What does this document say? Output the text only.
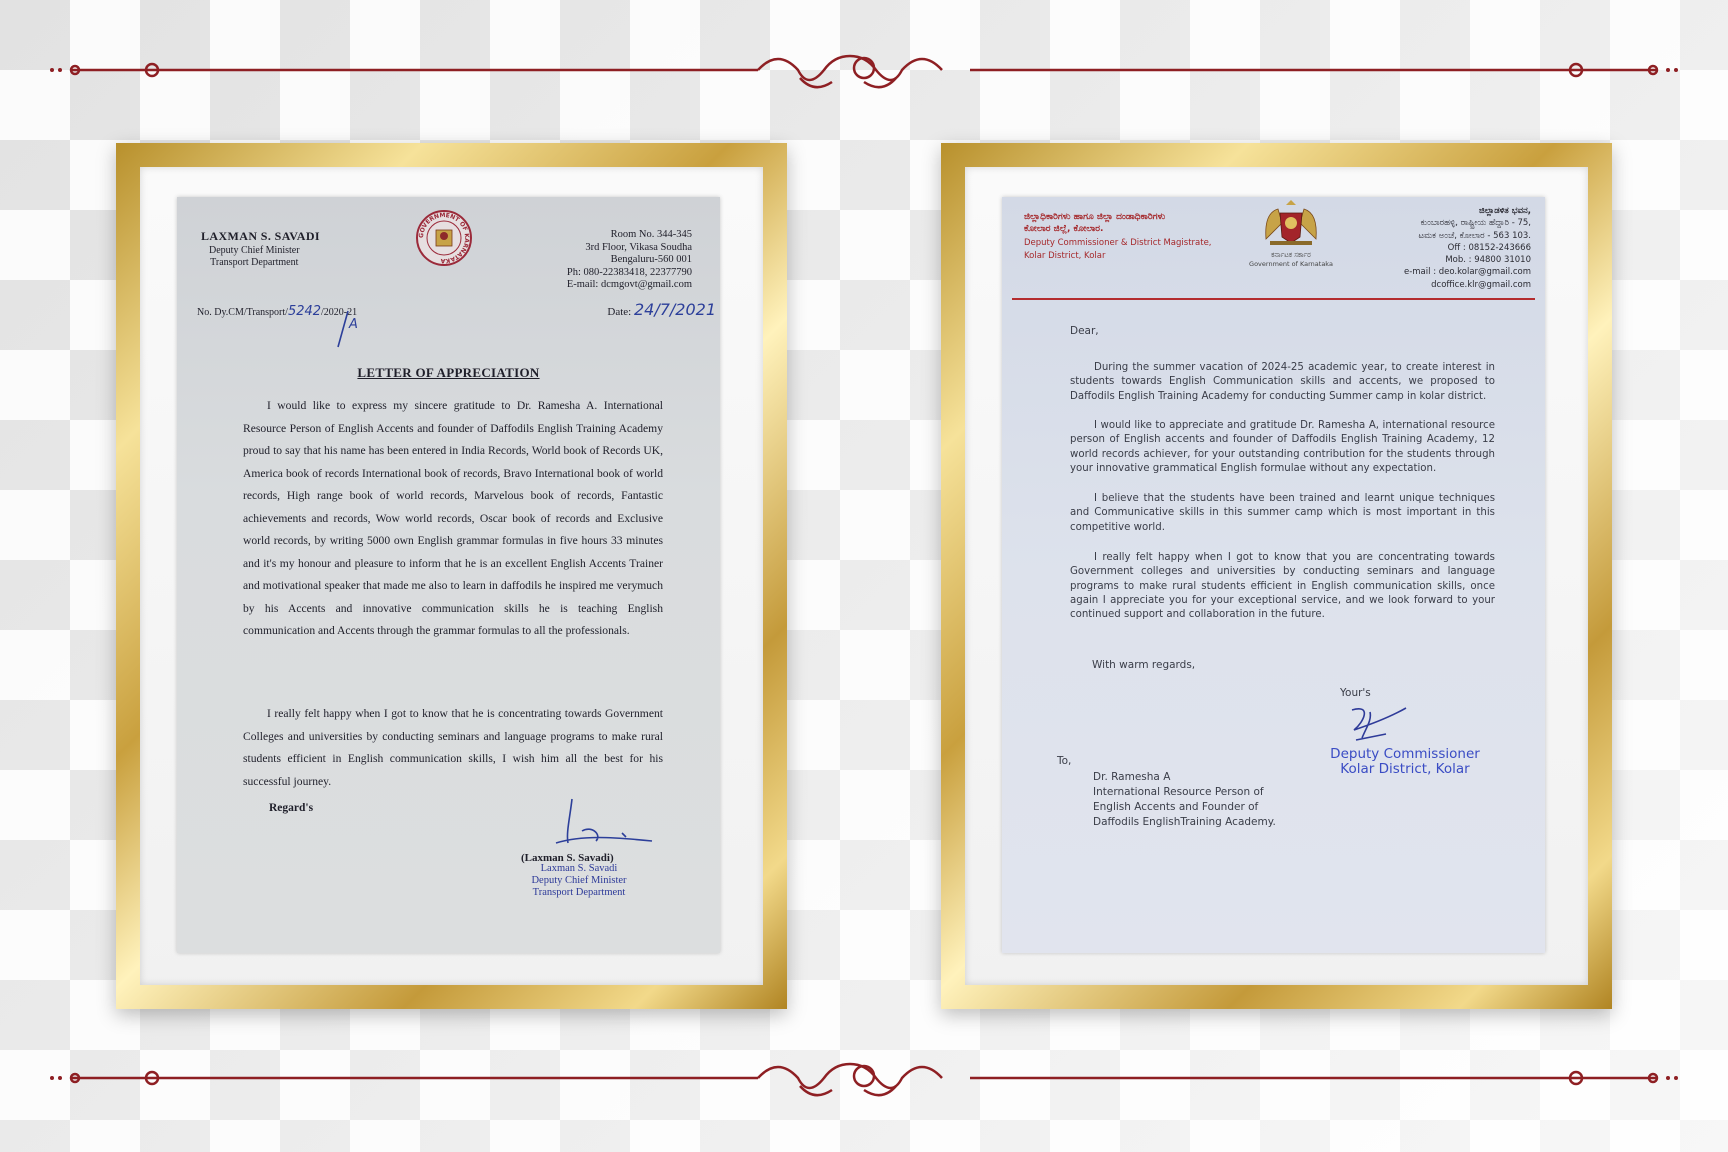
LAXMAN S. SAVADI
Deputy Chief Minister
Transport Department
GOVERNMENT OF KARNATAKA
Room No. 344-345
3rd Floor, Vikasa Soudha
Bengaluru-560 001
Ph: 080-22383418, 22377790
E-mail: dcmgovt@gmail.com
No. Dy.CM/Transport/5242/2020-21
A
Date: 24/7/2021
LETTER OF APPRECIATION

I would like to express my sincere gratitude to Dr. Ramesha A. International Resource Person of English Accents and founder of Daffodils English Training Academy proud to say that his name has been entered in India Records, World book of Records UK, America book of records International book of records, Bravo International book of world records, High range book of world records, Marvelous book of records, Fantastic achievements and records, Wow world records, Oscar book of records and Exclusive world records, by writing 5000 own English grammar formulas in five hours 33 minutes and it's my honour and pleasure to inform that he is an excellent English Accents Trainer and motivational speaker that made me also to learn in daffodils he inspired me verymuch by his Accents and innovative communication skills he is teaching English communication and Accents through the grammar formulas to all the professionals.

I really felt happy when I got to know that he is concentrating towards Government Colleges and universities by conducting seminars and language programs to make rural students efficient in English communication skills, I wish him all the best for his successful journey.

Regard's
(Laxman S. Savadi)
Laxman S. Savadi
Deputy Chief Minister
Transport Department
ಜಿಲ್ಲಾಧಿಕಾರಿಗಳು ಹಾಗೂ ಜಿಲ್ಲಾ ದಂಡಾಧಿಕಾರಿಗಳು
ಕೋಲಾರ ಜಿಲ್ಲೆ, ಕೋಲಾರ.
Deputy Commissioner & District Magistrate,
Kolar District, Kolar	ಕರ್ನಾಟಕ ಸರ್ಕಾರ
Government of Karnataka
ಜಿಲ್ಲಾಡಳಿತ ಭವನ,
ಕುಂಬಾರಹಳ್ಳಿ, ರಾಷ್ಟ್ರೀಯ ಹೆದ್ದಾರಿ - 75,
ಟಮಕ ಅಂಚೆ, ಕೋಲಾರ - 563 103.
Off : 08152-243666
Mob. : 94800 31010
e-mail : deo.kolar@gmail.com
dcoffice.klr@gmail.com
Dear,

During the summer vacation of 2024-25 academic year, to create interest in students towards English Communication skills and accents, we proposed to Daffodils English Training Academy for conducting Summer camp in kolar district.

I would like to appreciate and gratitude Dr. Ramesha A, international resource person of English accents and founder of Daffodils English Training Academy, 12 world records achiever, for your outstanding contribution for the students through your innovative grammatical English formulae without any expectation.

I believe that the students have been trained and learnt unique techniques and Communicative skills in this summer camp which is most important in this competitive world.

I really felt happy when I got to know that you are concentrating towards Government colleges and universities by conducting seminars and language programs to make rural students efficient in English communication skills, once again I appreciate you for your exceptional service, and we look forward to your continued support and collaboration in the future.

With warm regards,
Your's
Deputy Commissioner
Kolar District, Kolar
To,
Dr. Ramesha A
International Resource Person of
English Accents and Founder of
Daffodils EnglishTraining Academy.
